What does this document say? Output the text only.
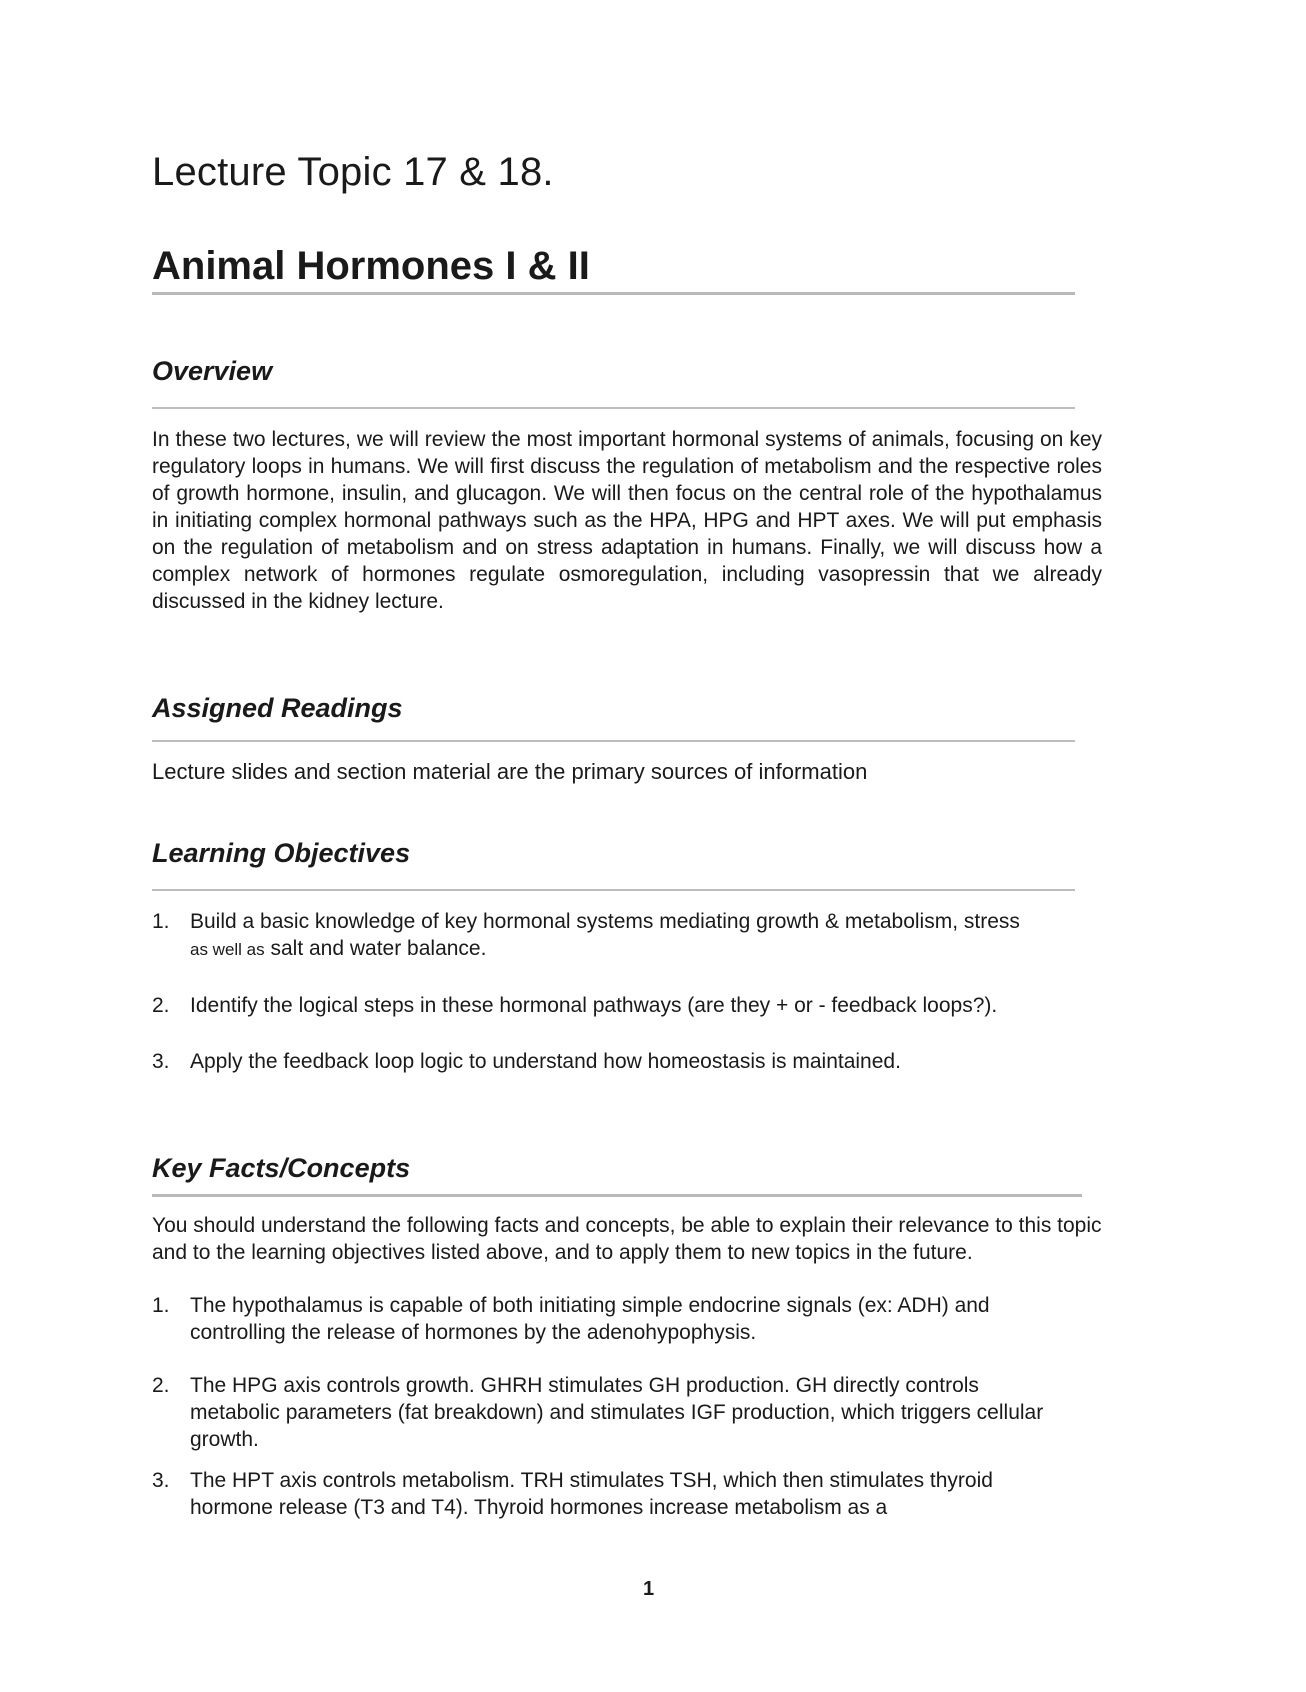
Lecture Topic 17 & 18.
Animal Hormones I & II
Overview

In these two lectures, we will review the most important hormonal systems of animals, focusing on key regulatory loops in humans. We will first discuss the regulation of metabolism and the respective roles of growth hormone, insulin, and glucagon. We will then focus on the central role of the hypothalamus in initiating complex hormonal pathways such as the HPA, HPG and HPT axes. We will put emphasis on the regulation of metabolism and on stress adaptation in humans. Finally, we will discuss how a complex network of hormones regulate osmoregulation, including vasopressin that we already discussed in the kidney lecture.

Assigned Readings

Lecture slides and section material are the primary sources of information

Learning Objectives
1. Build a basic knowledge of key hormonal systems mediating growth & metabolism, stress
as well as salt and water balance.
2. Identify the logical steps in these hormonal pathways (are they + or - feedback loops?).
3. Apply the feedback loop logic to understand how homeostasis is maintained.
Key Facts/Concepts

You should understand the following facts and concepts, be able to explain their relevance to this topic and to the learning objectives listed above, and to apply them to new topics in the future.

1. The hypothalamus is capable of both initiating simple endocrine signals (ex: ADH) and controlling the release of hormones by the adenohypophysis.
2. The HPG axis controls growth. GHRH stimulates GH production. GH directly controls metabolic parameters (fat breakdown) and stimulates IGF production, which triggers cellular growth.
3. The HPT axis controls metabolism. TRH stimulates TSH, which then stimulates thyroid hormone release (T3 and T4). Thyroid hormones increase metabolism as a
1
